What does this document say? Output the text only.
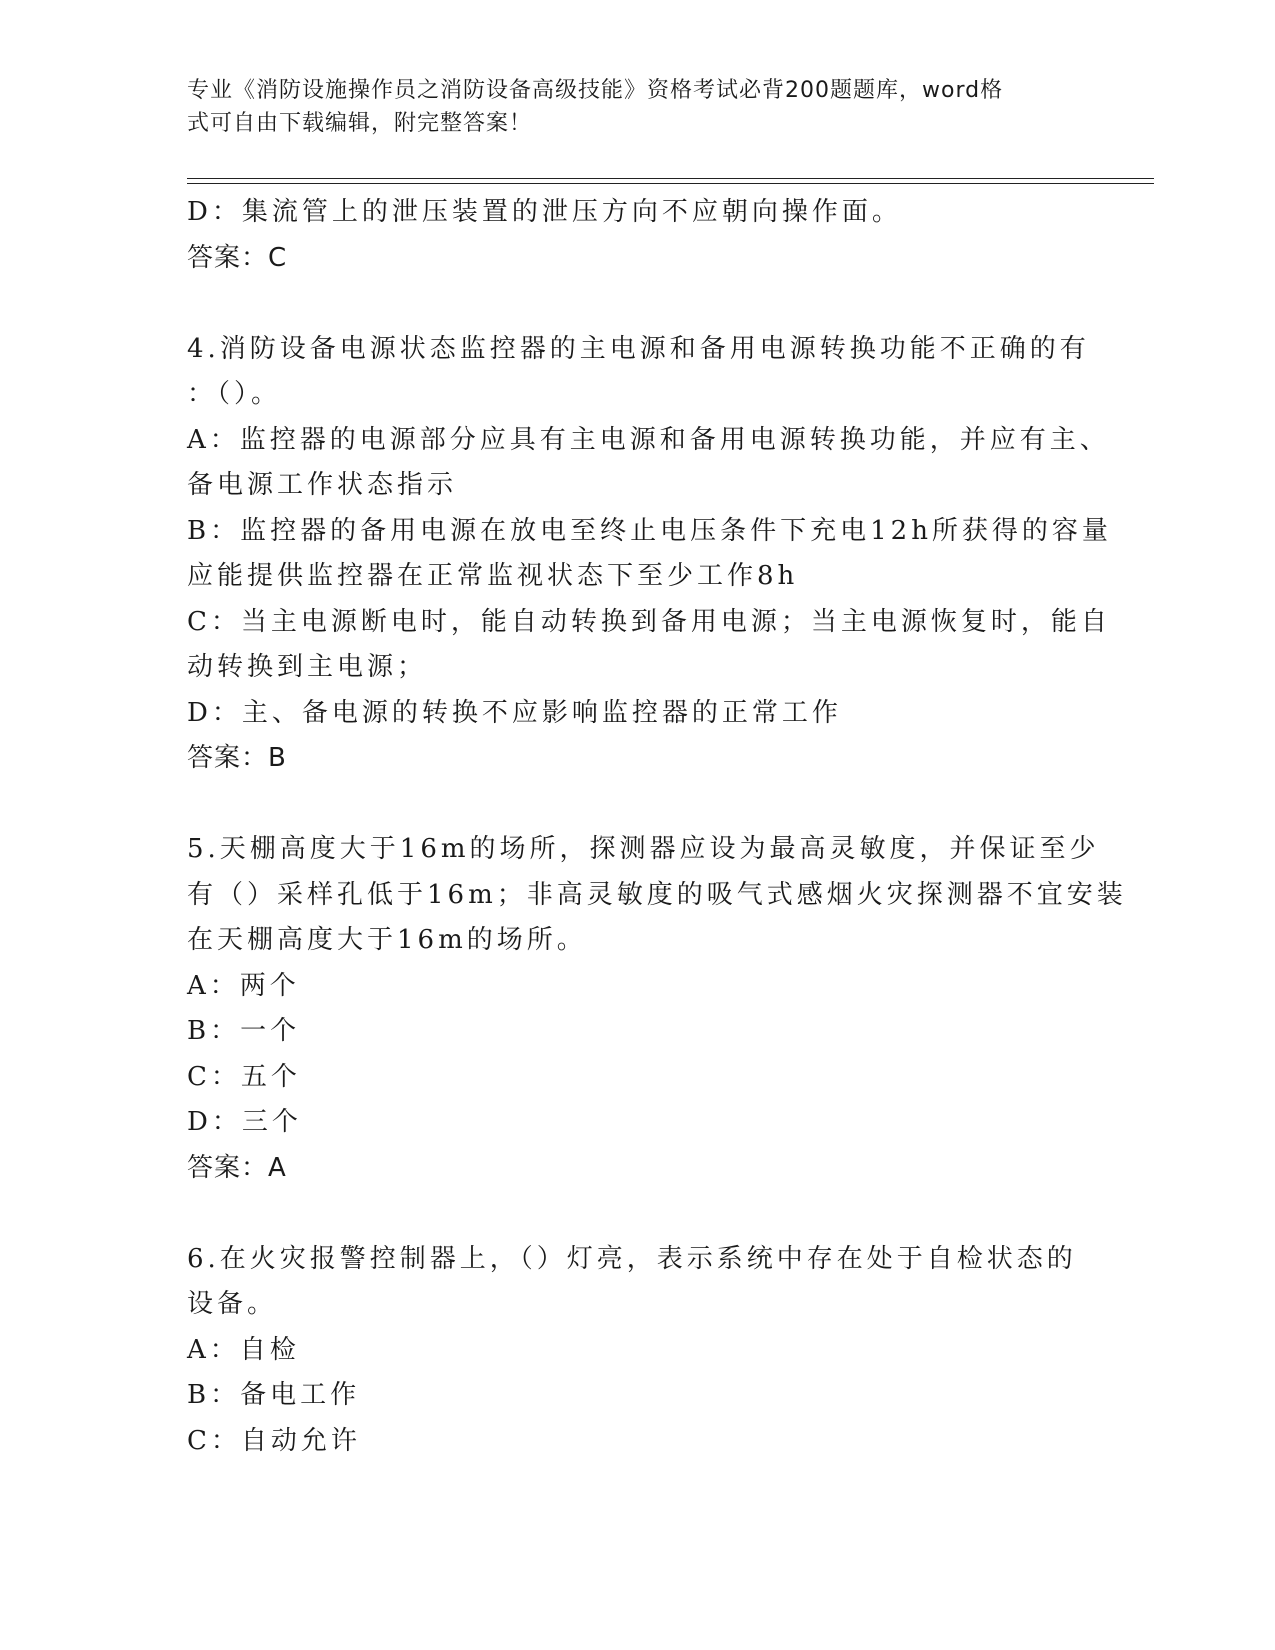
专业《消防设施操作员之消防设备高级技能》资格考试必背200题题库，word格
式可自由下载编辑，附完整答案！
D：集流管上的泄压装置的泄压方向不应朝向操作面。
答案：C
4.消防设备电源状态监控器的主电源和备用电源转换功能不正确的有
：（）。
A：监控器的电源部分应具有主电源和备用电源转换功能，并应有主、
备电源工作状态指示
B：监控器的备用电源在放电至终止电压条件下充电12h所获得的容量
应能提供监控器在正常监视状态下至少工作8h
C：当主电源断电时，能自动转换到备用电源；当主电源恢复时，能自
动转换到主电源；
D：主、备电源的转换不应影响监控器的正常工作
答案：B
5.天棚高度大于16m的场所，探测器应设为最高灵敏度，并保证至少
有（）采样孔低于16m；非高灵敏度的吸气式感烟火灾探测器不宜安装
在天棚高度大于16m的场所。
A：两个
B：一个
C：五个
D：三个
答案：A
6.在火灾报警控制器上，（）灯亮，表示系统中存在处于自检状态的
设备。
A：自检
B：备电工作
C：自动允许
